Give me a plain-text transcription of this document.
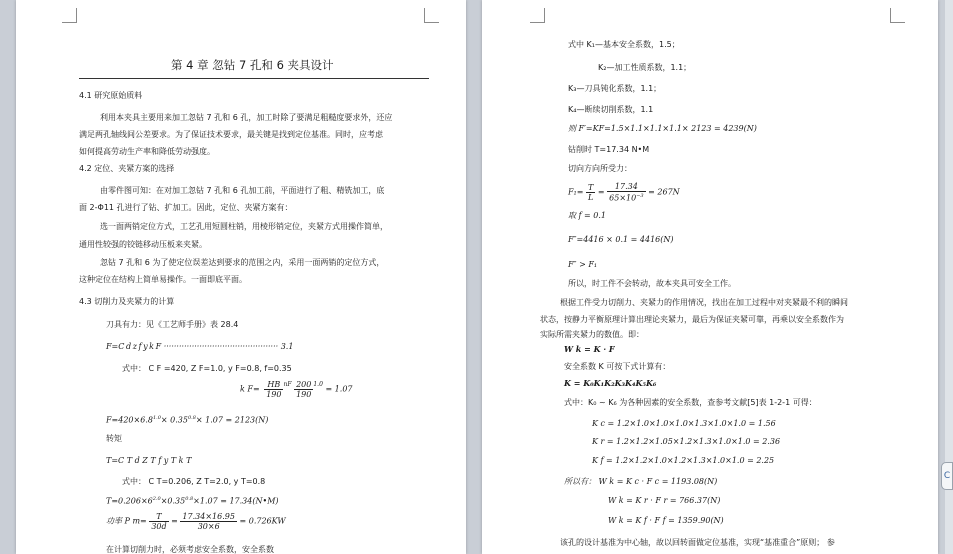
第 4 章 忽钻 7 孔和 6 夹具设计
4.1 研究原始质料
利用本夹具主要用来加工忽钻 7 孔和 6 孔，加工时除了要满足粗糙度要求外，还应
满足两孔轴线间公差要求。为了保证技术要求，最关键是找到定位基准。同时，应考虑
如何提高劳动生产率和降低劳动强度。
4.2 定位、夹紧方案的选择
由零件图可知：在对加工忽钻 7 孔和 6 孔加工前，平面进行了粗、精铣加工，底
面 2-Φ11 孔进行了钻、扩加工。因此，定位、夹紧方案有：
选一面两销定位方式，工艺孔用短圆柱销，用棱形销定位，夹紧方式用操作简单，
通用性较强的铰链移动压板来夹紧。
忽钻 7 孔和 6 为了使定位误差达到要求的范围之内，采用一面两销的定位方式，
这种定位在结构上简单易操作。一面即底平面。
4.3 切削力及夹紧力的计算
刀具有力：见《工艺师手册》表 28.4
F=C d z f y k F ············································· 3.1
式中： C F =420, Z F=1.0, y F=0.8, f=0.35
k $F= \frac{HB}{190} ^{nF} \frac{200}{190} ^{1.0} = 1.07$
$F=420\times 6.8^{1.0}\times 0.35^{0.8}\times 1.07 = 2123(N)$
转矩
T=C T d Z T f y T k T
式中： C T=0.206, Z T=2.0, y T=0.8
$T=0.206\times 6^{2.0}\times 0.35^{0.8}\times 1.07$ = 17.34(N•M)
功率 P $m= \frac{T}{30d} = \frac{17.34\times 16.95}{30\times 6} = 0.726KW$
在计算切削力时，必须考虑安全系数，安全系数
式中 K₁—基本安全系数，1.5；
K₂—加工性质系数，1.1；
K₃—刀具钝化系数，1.1；
K₄—断续切削系数，1.1
则 F′=KF=1.5×1.1×1.1×1.1× 2123 = 4239(N)
钻削时 T=17.34 N•M
切向方向所受力：
$F_1= \frac{T}{L} = \frac{17.34}{65\times 10^{-3}} = 267N$
取 f = 0.1
F″=4416 × 0.1 = 4416(N)
F″ > F₁
所以，时工件不会转动，故本夹具可安全工作。
根据工件受力切削力、夹紧力的作用情况，找出在加工过程中对夹紧最不利的瞬间
状态，按静力平衡原理计算出理论夹紧力，最后为保证夹紧可靠，再乘以安全系数作为
实际所需夹紧力的数值。即：
W k = K · F
安全系数 K 可按下式计算有：
K = K₀K₁K₂K₃K₄K₅K₆
式中：K₀ ~ K₆ 为各种因素的安全系数，查参考文献[5]表 1-2-1 可得：
K c = 1.2×1.0×1.0×1.0×1.3×1.0×1.0 = 1.56
K r = 1.2×1.2×1.05×1.2×1.3×1.0×1.0 = 2.36
K f = 1.2×1.2×1.0×1.2×1.3×1.0×1.0 = 2.25
所以有： W k = K c · F c = 1193.08(N)
W k = K r · F r = 766.37(N)
W k = K f · F f = 1359.90(N)
该孔的设计基准为中心轴，故以回转面做定位基准，实现“基准重合”原则； 参
C
